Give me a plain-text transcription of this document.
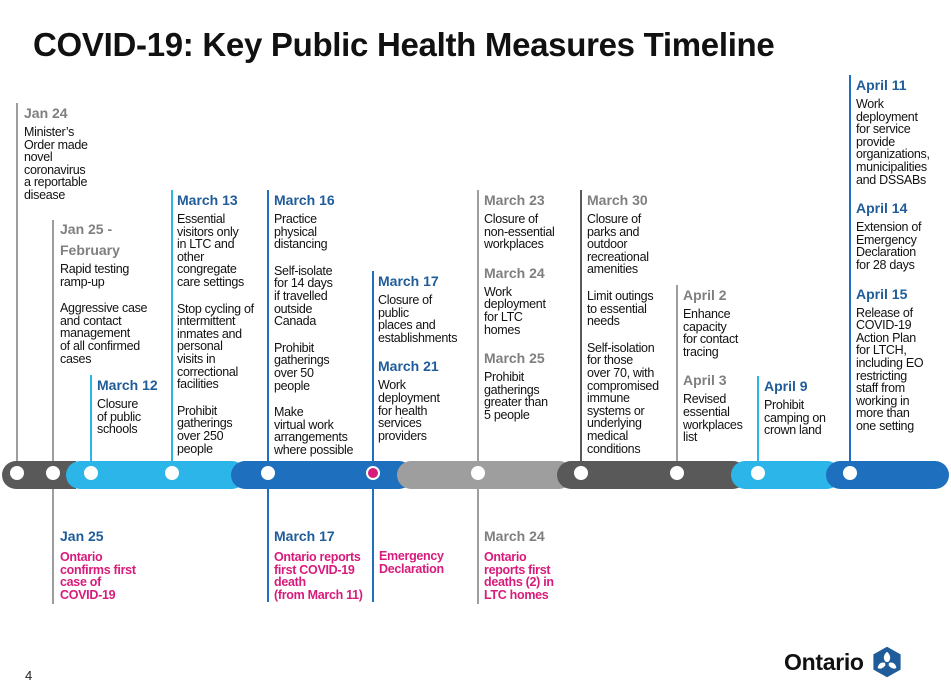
COVID-19: Key Public Health Measures Timeline
Jan 24
Minister’s
Order made
novel
coronavirus
a reportable
disease
Jan 25 -
February
Rapid testing
ramp-up
Aggressive case
and contact
management
of all confirmed
cases
March 12
Closure
of public
schools
March 13
Essential
visitors only
in LTC and
other
congregate
care settings
Stop cycling of
intermittent
inmates and
personal
visits in
correctional
facilities
Prohibit
gatherings
over 250
people
March 16
Practice
physical
distancing
Self-isolate
for 14 days
if travelled
outside
Canada
Prohibit
gatherings
over 50
people
Make
virtual work
arrangements
where possible
March 17
Closure of
public
places and
establishments
March 21
Work
deployment
for health
services
providers
March 23
Closure of
non-essential
workplaces
March 24
Work
deployment
for LTC
homes
March 25
Prohibit
gatherings
greater than
5 people
March 30
Closure of
parks and
outdoor
recreational
amenities
Limit outings
to essential
needs
Self-isolation
for those
over 70, with
compromised
immune
systems or
underlying
medical
conditions
April 2
Enhance
capacity
for contact
tracing
April 3
Revised
essential
workplaces
list
April 9
Prohibit
camping on
crown land
April 11
Work
deployment
for service
provide
organizations,
municipalities
and DSSABs
April 14
Extension of
Emergency
Declaration
for 28 days
April 15
Release of
COVID-19
Action Plan
for LTCH,
including EO
restricting
staff from
working in
more than
one setting
Jan 25
Ontario
confirms first
case of
COVID-19
March 17
Ontario reports
first COVID-19
death
(from March 11)
Emergency
Declaration
March 24
Ontario
reports first
deaths (2) in
LTC homes
4
Ontario
